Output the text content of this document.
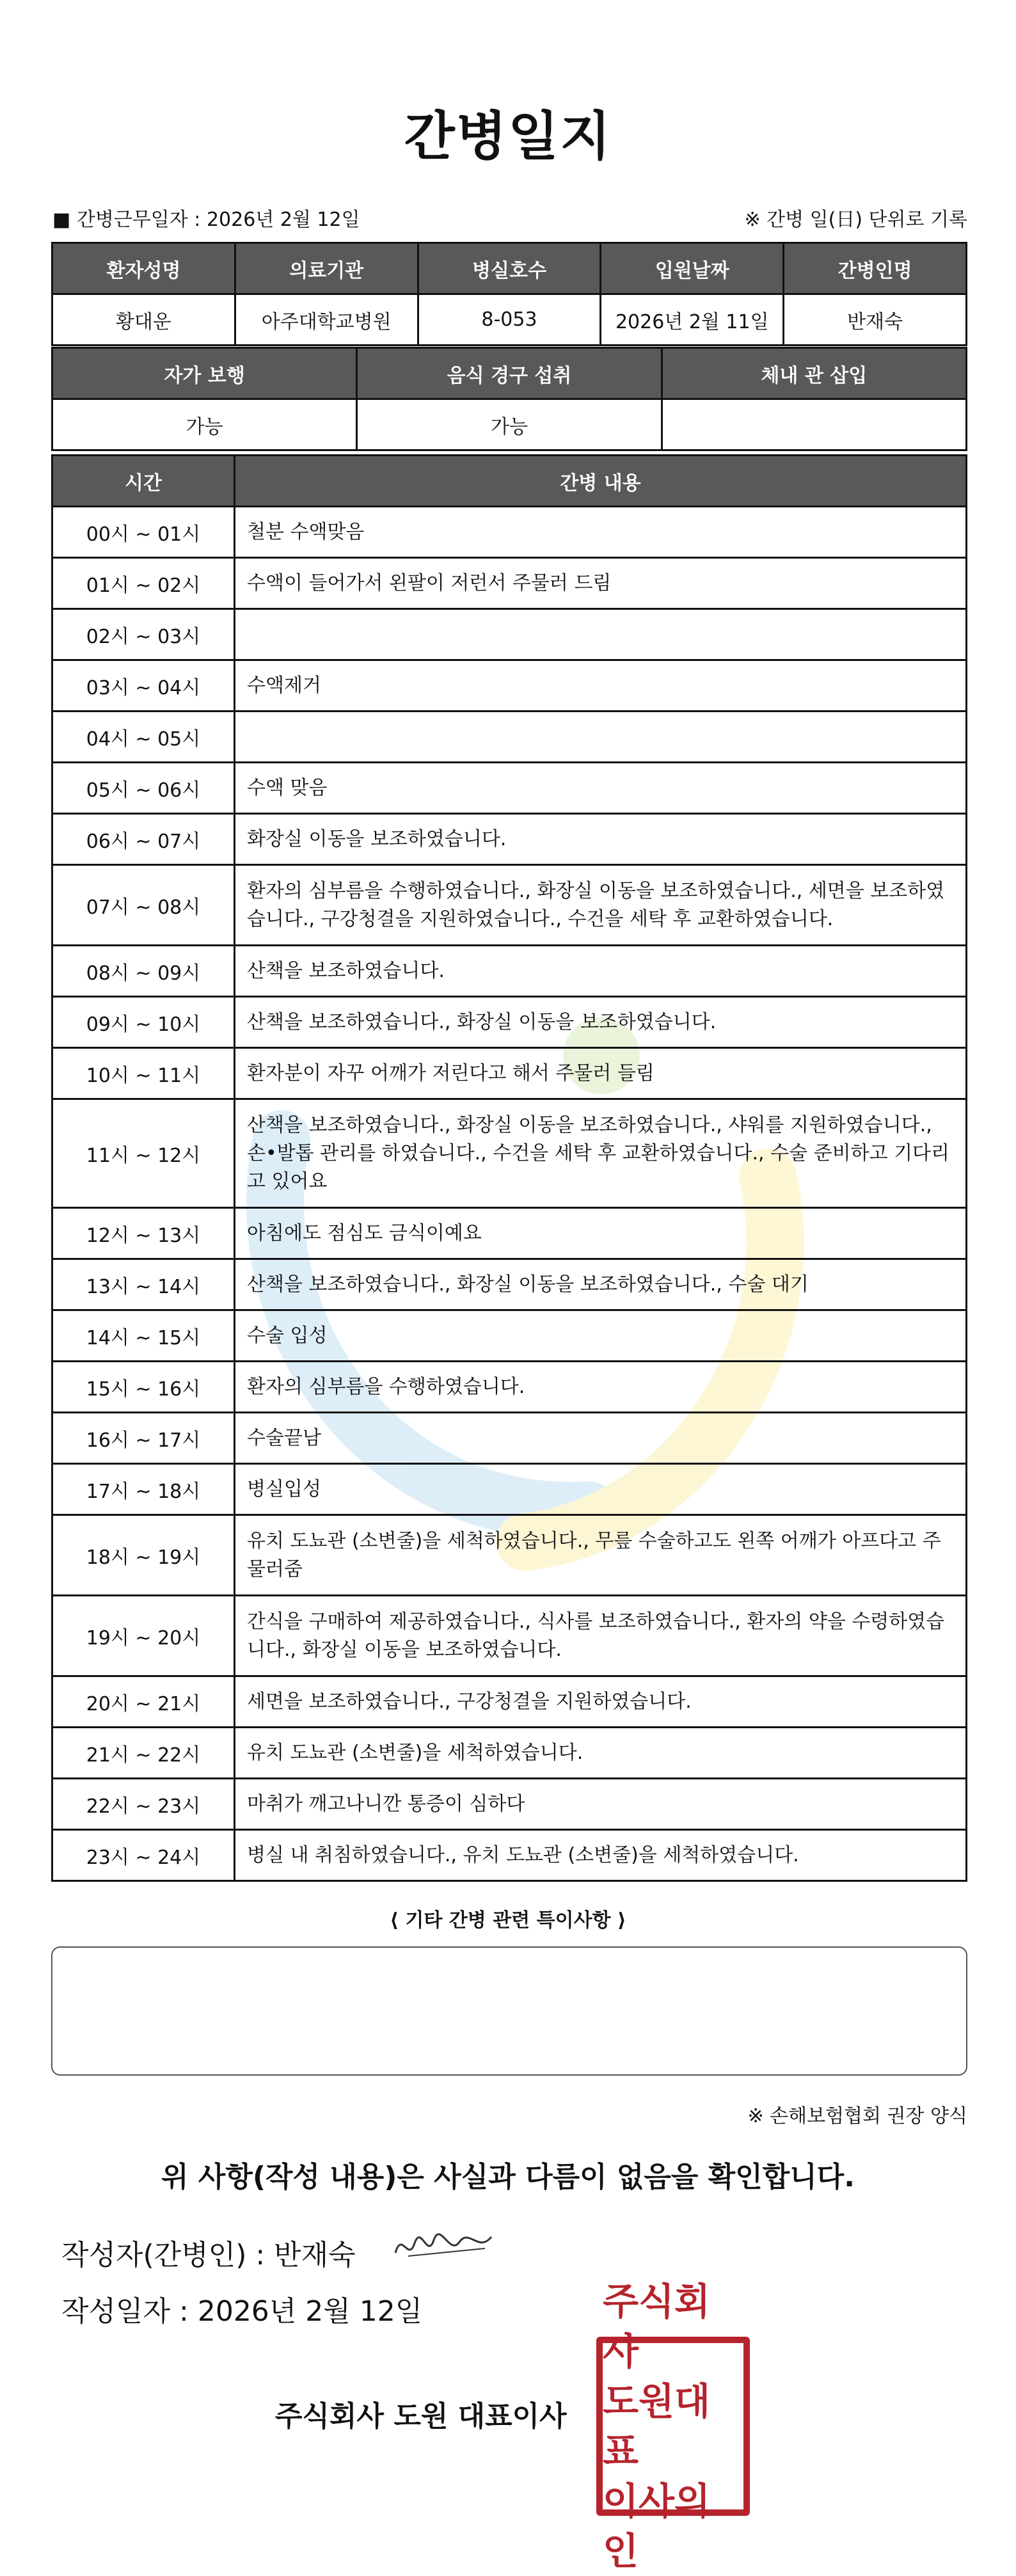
간병일지
■ 간병근무일자 : 2026년 2월 12일	※ 간병 일(日) 단위로 기록
환자성명	의료기관	병실호수	입원날짜	간병인명
황대운	아주대학교병원	8-053	2026년 2월 11일	반재숙
자가 보행	음식 경구 섭취	체내 관 삽입
가능	가능	
시간	간병 내용
00시 ~ 01시	철분 수액맞음
01시 ~ 02시	수액이 들어가서 왼팔이 저런서 주물러 드림
02시 ~ 03시	
03시 ~ 04시	수액제거
04시 ~ 05시	
05시 ~ 06시	수액 맞음
06시 ~ 07시	화장실 이동을 보조하였습니다.
07시 ~ 08시	환자의 심부름을 수행하였습니다., 화장실 이동을 보조하였습니다., 세면을 보조하였습니다., 구강청결을 지원하였습니다., 수건을 세탁 후 교환하였습니다.
08시 ~ 09시	산책을 보조하였습니다.
09시 ~ 10시	산책을 보조하였습니다., 화장실 이동을 보조하였습니다.
10시 ~ 11시	환자분이 자꾸 어깨가 저린다고 해서 주물러 들림
11시 ~ 12시	산책을 보조하였습니다., 화장실 이동을 보조하였습니다., 샤워를 지원하였습니다., 손•발톱 관리를 하였습니다., 수건을 세탁 후 교환하였습니다., 수술 준비하고 기다리고 있어요
12시 ~ 13시	아침에도 점심도 금식이예요
13시 ~ 14시	산책을 보조하였습니다., 화장실 이동을 보조하였습니다., 수술 대기
14시 ~ 15시	수술 입성
15시 ~ 16시	환자의 심부름을 수행하였습니다.
16시 ~ 17시	수술끝남
17시 ~ 18시	병실입성
18시 ~ 19시	유치 도뇨관 (소변줄)을 세척하였습니다., 무릎 수술하고도 왼쪽 어깨가 아프다고 주물러줌
19시 ~ 20시	간식을 구매하여 제공하였습니다., 식사를 보조하였습니다., 환자의 약을 수령하였습니다., 화장실 이동을 보조하였습니다.
20시 ~ 21시	세면을 보조하였습니다., 구강청결을 지원하였습니다.
21시 ~ 22시	유치 도뇨관 (소변줄)을 세척하였습니다.
22시 ~ 23시	마취가 깨고나니깐 통증이 심하다
23시 ~ 24시	병실 내 취침하였습니다., 유치 도뇨관 (소변줄)을 세척하였습니다.
⟨ 기타 간병 관련 특이사항 ⟩
※ 손해보험협회 권장 양식
위 사항(작성 내용)은 사실과 다름이 없음을 확인합니다.
작성자(간병인) : 반재숙
작성일자 : 2026년 2월 12일
주식회사 도원 대표이사
주식회사
도원대표
이사의인
